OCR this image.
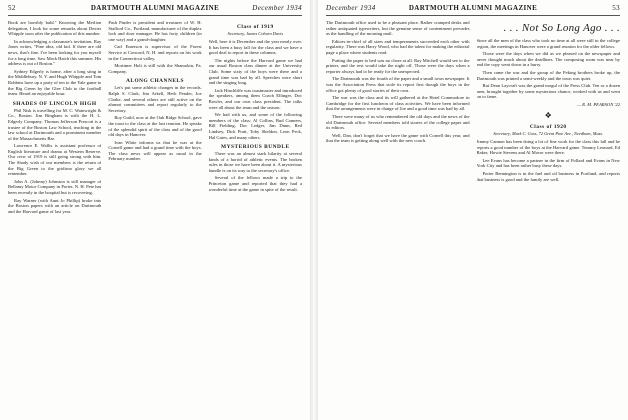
52	DARTMOUTH ALUMNI MAGAZINE	December 1934

Book are horribly bald." Knowing the Merlion delegation, I look for some remarks about Dexter Whipple soon after the publication of this number.

In acknowledging a classmate's invitation, Ray Jones writes, "Fine idea, old kid. If there are old news, that's fine. I've been looking for you myself for a long time. Saw Mack Hatch this summer. His address is out of Boston."

Sydney Edgerly is home, after a long sting in the Middlebury. N. Y. and Hugh Whipple and Tom Robbins have up a party of ten to the Yale game to the Big Green by the Glee Club to the football team. Heard an enjoyable hour.

SHADES OF LINCOLN HIGH

Phil Nisk is travelling for M. C. Wainwright & Co., Boston. Jim Bingham is with the H. L. Edgerly Company. Thomas Jefferson Prescott is a trustee of the Boston Law School, teaching in the law school at Dartmouth and a prominent member of the Massachusetts Bar.

Lawrence E. Wallis is assistant professor of English literature and drama at Western Reserve. Our crew of 1919 is still going strong with him. The Shady wish of our members is the return of the Big Green to the gridiron glory we all remember.

John A. (Johnny) Johnston is still manager of Bellamy Motor Company in Porter, N. H. Pete has been recently in the hospital but is recovering.

Ray Warner (with Aunt Jo Phillip) broke into the Boston papers with an article on Dartmouth and the Harvard game of last year.

Pash Pinder is president and treasurer of W. H. Stafford Co., Portland, manufacturer of the duplex lock and door manager. He has forty children (in one way) and a grand-daughter.

Carl Emerson is supervisor of the Forest Service at Concord, N. H. and reports on his work in the Connecticut valley.

Mortimer Holt is still with the Shamokin, Pa. Company.

ALONG CHANNELS

Let's put some athletic changes in the records. Ralph S. Clark, Jim Arkell, Herb Pender, Joe Clarke, and several others are still active on the alumni committees and report regularly to the Secretary.

Roy Guild, now at the Oak Ridge School, gave the toast to the class at the last reunion. He speaks of the splendid spirit of the class and of the good old days in Hanover.

Ivan White informs us that he was at the Cornell game and had a grand time with the boys. The class news will appear as usual in the February number.

Class of 1919
Secretary, James Coburn Davis

Well, here it is December and the year nearly over. It has been a busy fall for the class and we have a good deal to report in these columns.

The nights before the Harvard game we had our usual Boston class dinner at the University Club. Some sixty of the boys were there and a grand time was had by all. Speeches were short and the singing long.

Jack Hinchliffe was toastmaster and introduced the speakers, among them Coach Ellinger, Doc Bowler, and our own class president. The talks were all about the team and the season.

We had with us, and some of the following members of the class: Al Collins, Bud Conners, Bill Fielding, Doc Ledger, Jim Dunn, Red Lindsey, Dick Pratt, Toby Sheldon, Leon Peck, Hal Gates, and many others.

MYSTERIOUS BUNDLE

There was an almost stark hilarity at several kinds of a horrid of athletic events. The broken rules in those we have been about it. A mysterious bundle is on its way to the secretary's office.

Several of the fellows made a trip to the Princeton game and reported that they had a wonderful time at the game in spite of the result.

December 1934	DARTMOUTH ALUMNI MAGAZINE	53

The Dartmouth office used to be a pleasant place. Rather cramped desks and rather antiquated typewriters, but the genuine sense of contentment pervades as the handling of the morning mail.

Editors-in-chief of all sizes and temperaments succeeded each other with regularity. There was Harry Wood, who had the talent for making the editorial page a place where students read.

Putting the paper to bed was no chore at all. Ray Mitchell would see to the printer, and the rest would take the night off. Those were the days when a reporter always had to be ready for the unexpected.

The Dartmouth was the fourth of the paper and a small town newspaper. It was the Association Press that stole its report first though the boys in the office got plenty of good stories of their own.

The war was the class and its will gathered at the Hotel Commodore in Cambridge for the first luncheon of class activities. We have been informed that the arrangements were in charge of Joe and a good time was had by all.

There were many of us who remembered the old days and the news of the old Dartmouth office. Several members told stories of the college paper and its editors.

Well, Dan, don't forget that we have the game with Cornell this year, and that the team is getting along well with the new coach.

. . . Not So Long Ago . . .

Since all the men of the class who took no time at all were still in the college region, the meetings in Hanover were a grand reunion for the older fellows.

Those were the days when we did as we pleased on the newspaper and never thought much about the deadlines. The composing room was near by and the copy went down in a hurry.

Then came the war and the group of the Peking brothers broke up, the Dartmouth was printed a semi-weekly and the town was quiet.

But Dean Laycraft was the grand mogul of the Press Club. Ten or a dozen men, brought together by some mysterious chance, worked with us and went on to fame.

— R. M. PEARSON '22
❖
Class of 1920
Secretary, Mark C. Goss, 72 Great Pine Ave., Needham, Mass.

Jimmy Cannon has been doing a lot of fine work for the class this fall and he reports a good number of the boys at the Harvard game. Tommy Leonard, Ed Baker, Howie Stevens and Al Morse were there.

Lee Evans has become a partner in the firm of Pollard and Evans in New York City and has been rather busy these days.

Porter Bennington is in the fuel and oil business in Portland, and reports that business is good and the family are well.
